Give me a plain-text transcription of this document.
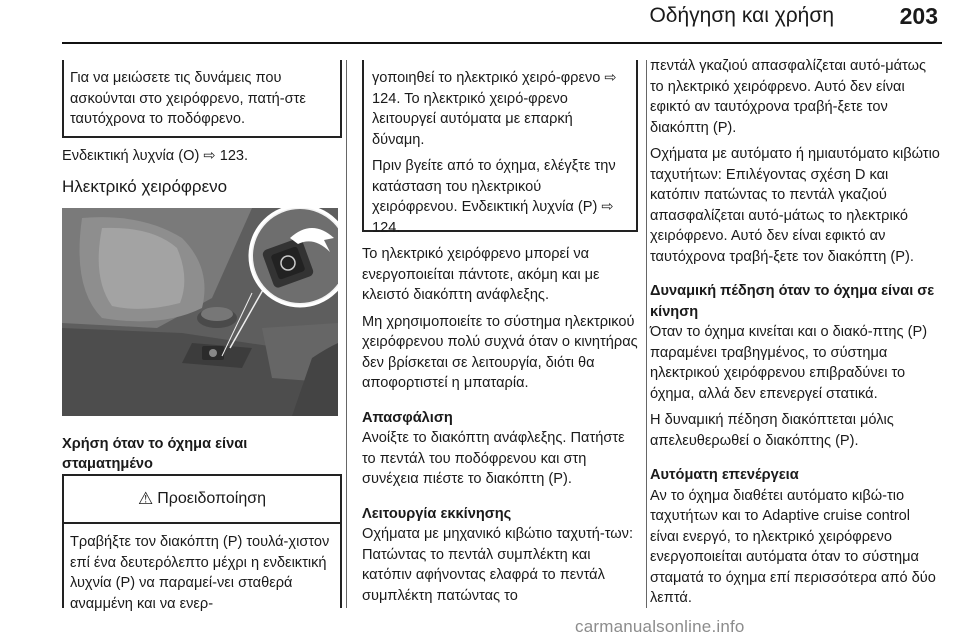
Οδήγηση και χρήση	203
Για να μειώσετε τις δυνάμεις που ασκούνται στο χειρόφρενο, πατή-στε ταυτόχρονα το ποδόφρενο.
Ενδεικτική λυχνία (O) ⇨ 123.
Ηλεκτρικό χειρόφρενο
Χρήση όταν το όχημα είναι
σταματημένο
⚠ Προειδοποίηση
Τραβήξτε τον διακόπτη (P) τουλά-χιστον επί ένα δευτερόλεπτο μέχρι η ενδεικτική λυχνία (P) να παραμεί-νει σταθερά αναμμένη και να ενερ-
γοποιηθεί το ηλεκτρικό χειρό-φρενο ⇨ 124. Το ηλεκτρικό χειρό-φρενο λειτουργεί αυτόματα με επαρκή δύναμη.
Πριν βγείτε από το όχημα, ελέγξτε την κατάσταση του ηλεκτρικού χειρόφρενου. Ενδεικτική λυχνία (P) ⇨ 124.

Το ηλεκτρικό χειρόφρενο μπορεί να ενεργοποιείται πάντοτε, ακόμη και με κλειστό διακόπτη ανάφλεξης.

Μη χρησιμοποιείτε το σύστημα ηλεκτρικού χειρόφρενου πολύ συχνά όταν ο κινητήρας δεν βρίσκεται σε λειτουργία, διότι θα αποφορτιστεί η μπαταρία.

Απασφάλιση

Ανοίξτε το διακόπτη ανάφλεξης. Πατήστε το πεντάλ του ποδόφρενου και στη συνέχεια πιέστε το διακόπτη (P).

Λειτουργία εκκίνησης

Οχήματα με μηχανικό κιβώτιο ταχυτή-των: Πατώντας το πεντάλ συμπλέκτη και κατόπιν αφήνοντας ελαφρά το πεντάλ συμπλέκτη πατώντας το

πεντάλ γκαζιού απασφαλίζεται αυτό-μάτως το ηλεκτρικό χειρόφρενο. Αυτό δεν είναι εφικτό αν ταυτόχρονα τραβή-ξετε τον διακόπτη (P).

Οχήματα με αυτόματο ή ημιαυτόματο κιβώτιο ταχυτήτων: Επιλέγοντας σχέση D και κατόπιν πατώντας το πεντάλ γκαζιού απασφαλίζεται αυτό-μάτως το ηλεκτρικό χειρόφρενο. Αυτό δεν είναι εφικτό αν ταυτόχρονα τραβή-ξετε τον διακόπτη (P).

Δυναμική πέδηση όταν το όχημα είναι σε κίνηση

Όταν το όχημα κινείται και ο διακό-πτης (P) παραμένει τραβηγμένος, το σύστημα ηλεκτρικού χειρόφρενου επιβραδύνει το όχημα, αλλά δεν επενεργεί στατικά.

Η δυναμική πέδηση διακόπτεται μόλις απελευθερωθεί ο διακόπτης (P).

Αυτόματη επενέργεια

Αν το όχημα διαθέτει αυτόματο κιβώ-τιο ταχυτήτων και το Adaptive cruise control είναι ενεργό, το ηλεκτρικό χειρόφρενο ενεργοποιείται αυτόματα όταν το σύστημα σταματά το όχημα επί περισσότερα από δύο λεπτά.

carmanualsonline.info
